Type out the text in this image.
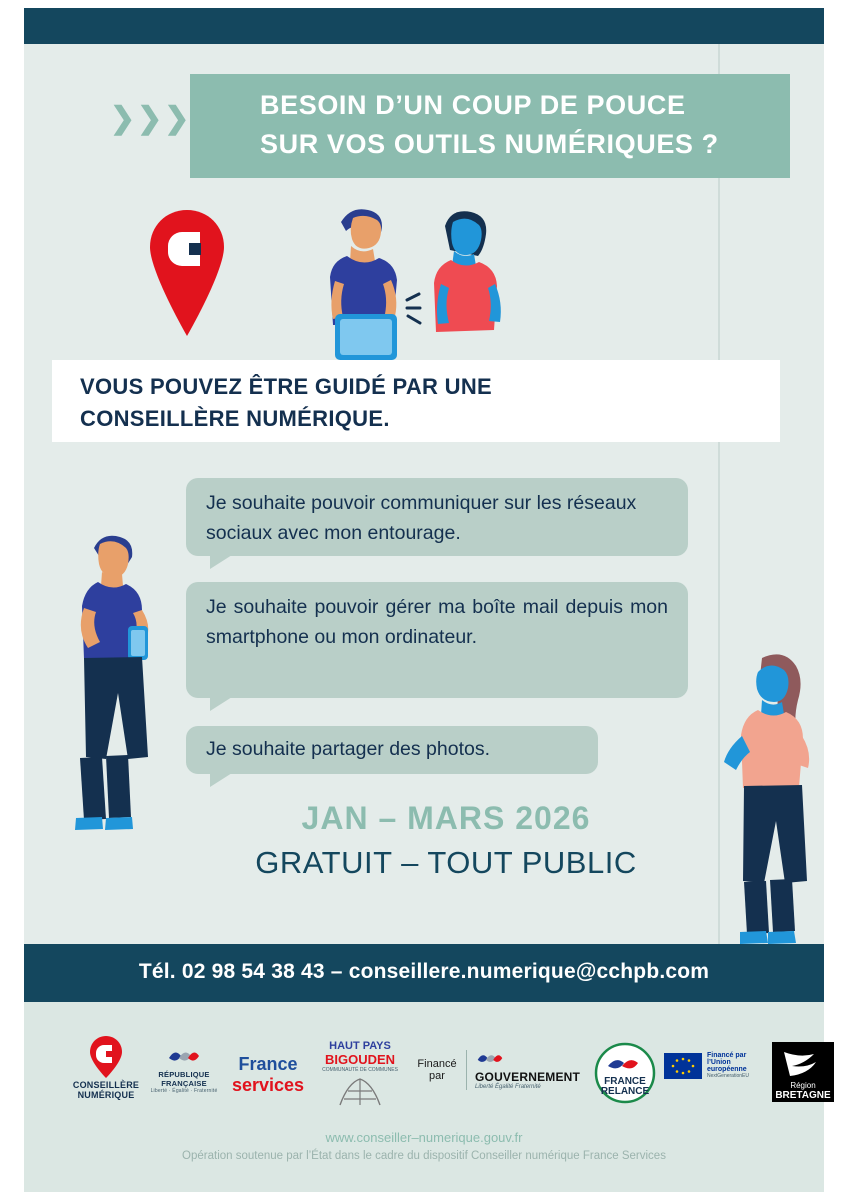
❯ ❯ ❯	BESOIN D’UN COUP DE POUCE
SUR VOS OUTILS NUMÉRIQUES ?
VOUS POUVEZ ÊTRE GUIDÉ PAR UNE
CONSEILLÈRE NUMÉRIQUE.
Je souhaite pouvoir communiquer sur les réseaux sociaux avec mon entourage.
Je souhaite pouvoir gérer ma boîte mail depuis mon smartphone ou mon ordinateur.
Je souhaite partager des photos.
JAN – MARS 2026
GRATUIT – TOUT PUBLIC
Tél. 02 98 54 38 43 – conseillere.numerique@cchpb.com
CONSEILLÈRE
NUMÉRIQUE
RÉPUBLIQUE
FRANÇAISE
Liberté · Égalité · Fraternité
France
services
HAUT PAYS
BIGOUDEN
COMMUNAUTÉ DE COMMUNES	Financé
par	GOUVERNEMENT
Liberté Égalité Fraternité	FRANCE
RELANCE
Financé par
l’Union européenne
NextGenerationEU
Région
BRETAGNE
www.conseiller–numerique.gouv.fr
Opération soutenue par l’État dans le cadre du dispositif Conseiller numérique France Services
